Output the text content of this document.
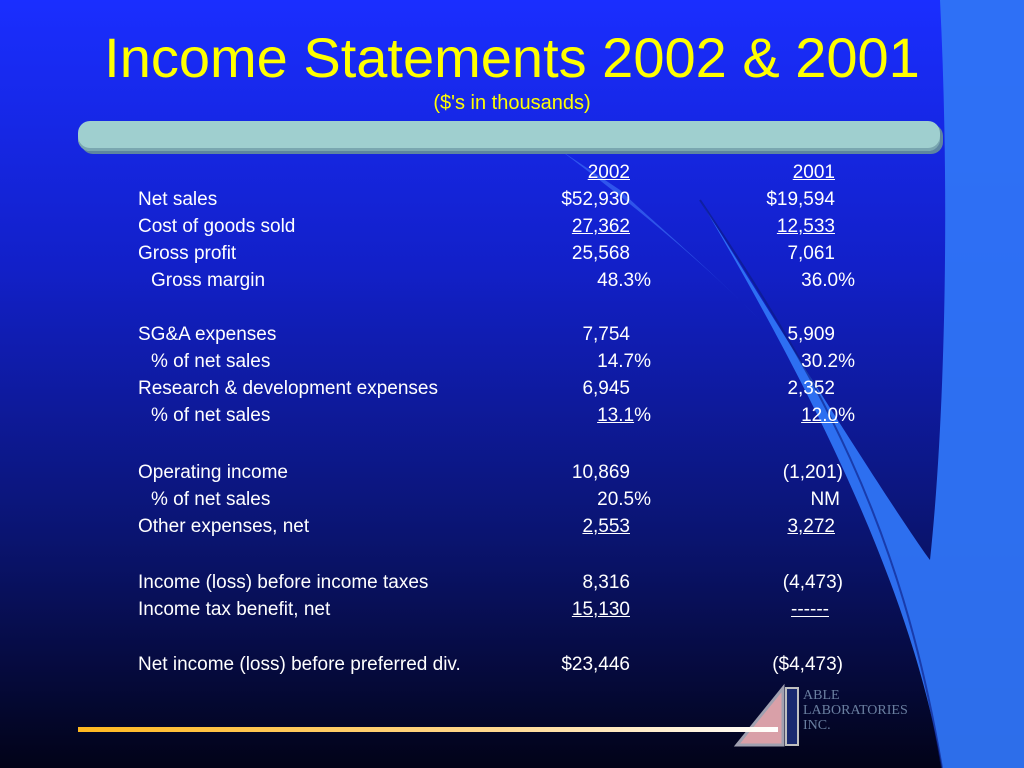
Income Statements 2002 & 2001
($'s in thousands)
2002	2001
Net sales	$52,930	$19,594
Cost of goods sold	27,362	12,533
Gross profit	25,568	7,061
Gross margin	48.3%	36.0%
SG&A expenses	7,754	5,909
% of net sales	14.7%	30.2%
Research & development expenses	6,945	2,352
% of net sales	13.1%	12.0%
Operating income	10,869	(1,201)
% of net sales	20.5%	NM
Other expenses, net	2,553	3,272
Income (loss) before income taxes	8,316	(4,473)
Income tax benefit, net	15,130	------
Net income (loss) before preferred div.	$23,446	($4,473)
ABLE
LABORATORIES
INC.
